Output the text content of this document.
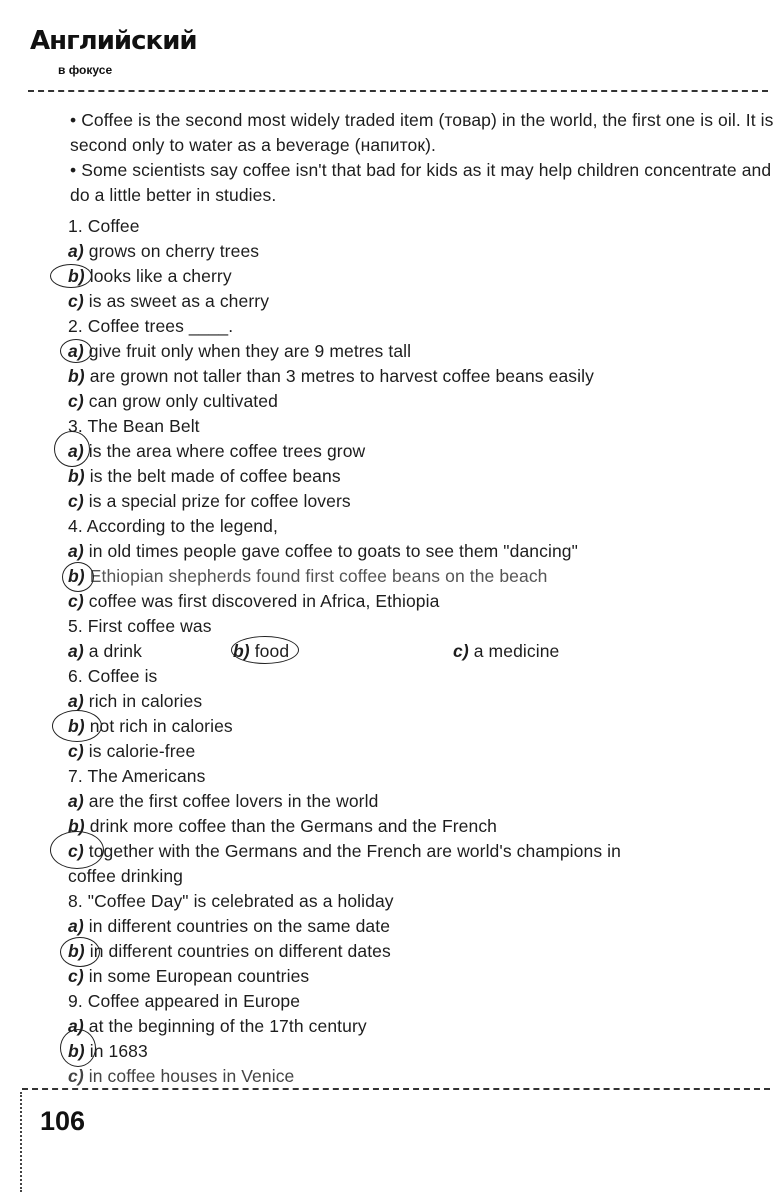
Английский
в фокусе

• Coffee is the second most widely traded item (товар) in the world, the first one is oil. It is second only to water as a beverage (напиток).

• Some scientists say coffee isn't that bad for kids as it may help children concentrate and do a little better in studies.

1. Coffee
a) grows on cherry trees
b) looks like a cherry
c) is as sweet as a cherry
2. Coffee trees ____.
a) give fruit only when they are 9 metres tall
b) are grown not taller than 3 metres to harvest coffee beans easily
c) can grow only cultivated
3. The Bean Belt
a) is the area where coffee trees grow
b) is the belt made of coffee beans
c) is a special prize for coffee lovers
4. According to the legend,
a) in old times people gave coffee to goats to see them "dancing"
b) Ethiopian shepherds found first coffee beans on the beach
c) coffee was first discovered in Africa, Ethiopia
5. First coffee was
a) a drink	b) food	c) a medicine
6. Coffee is
a) rich in calories
b) not rich in calories
c) is calorie-free
7. The Americans
a) are the first coffee lovers in the world
b) drink more coffee than the Germans and the French
c) together with the Germans and the French are world's champions in
coffee drinking
8. "Coffee Day" is celebrated as a holiday
a) in different countries on the same date
b) in different countries on different dates
c) in some European countries
9. Coffee appeared in Europe
a) at the beginning of the 17th century
b) in 1683
c) in coffee houses in Venice
106
